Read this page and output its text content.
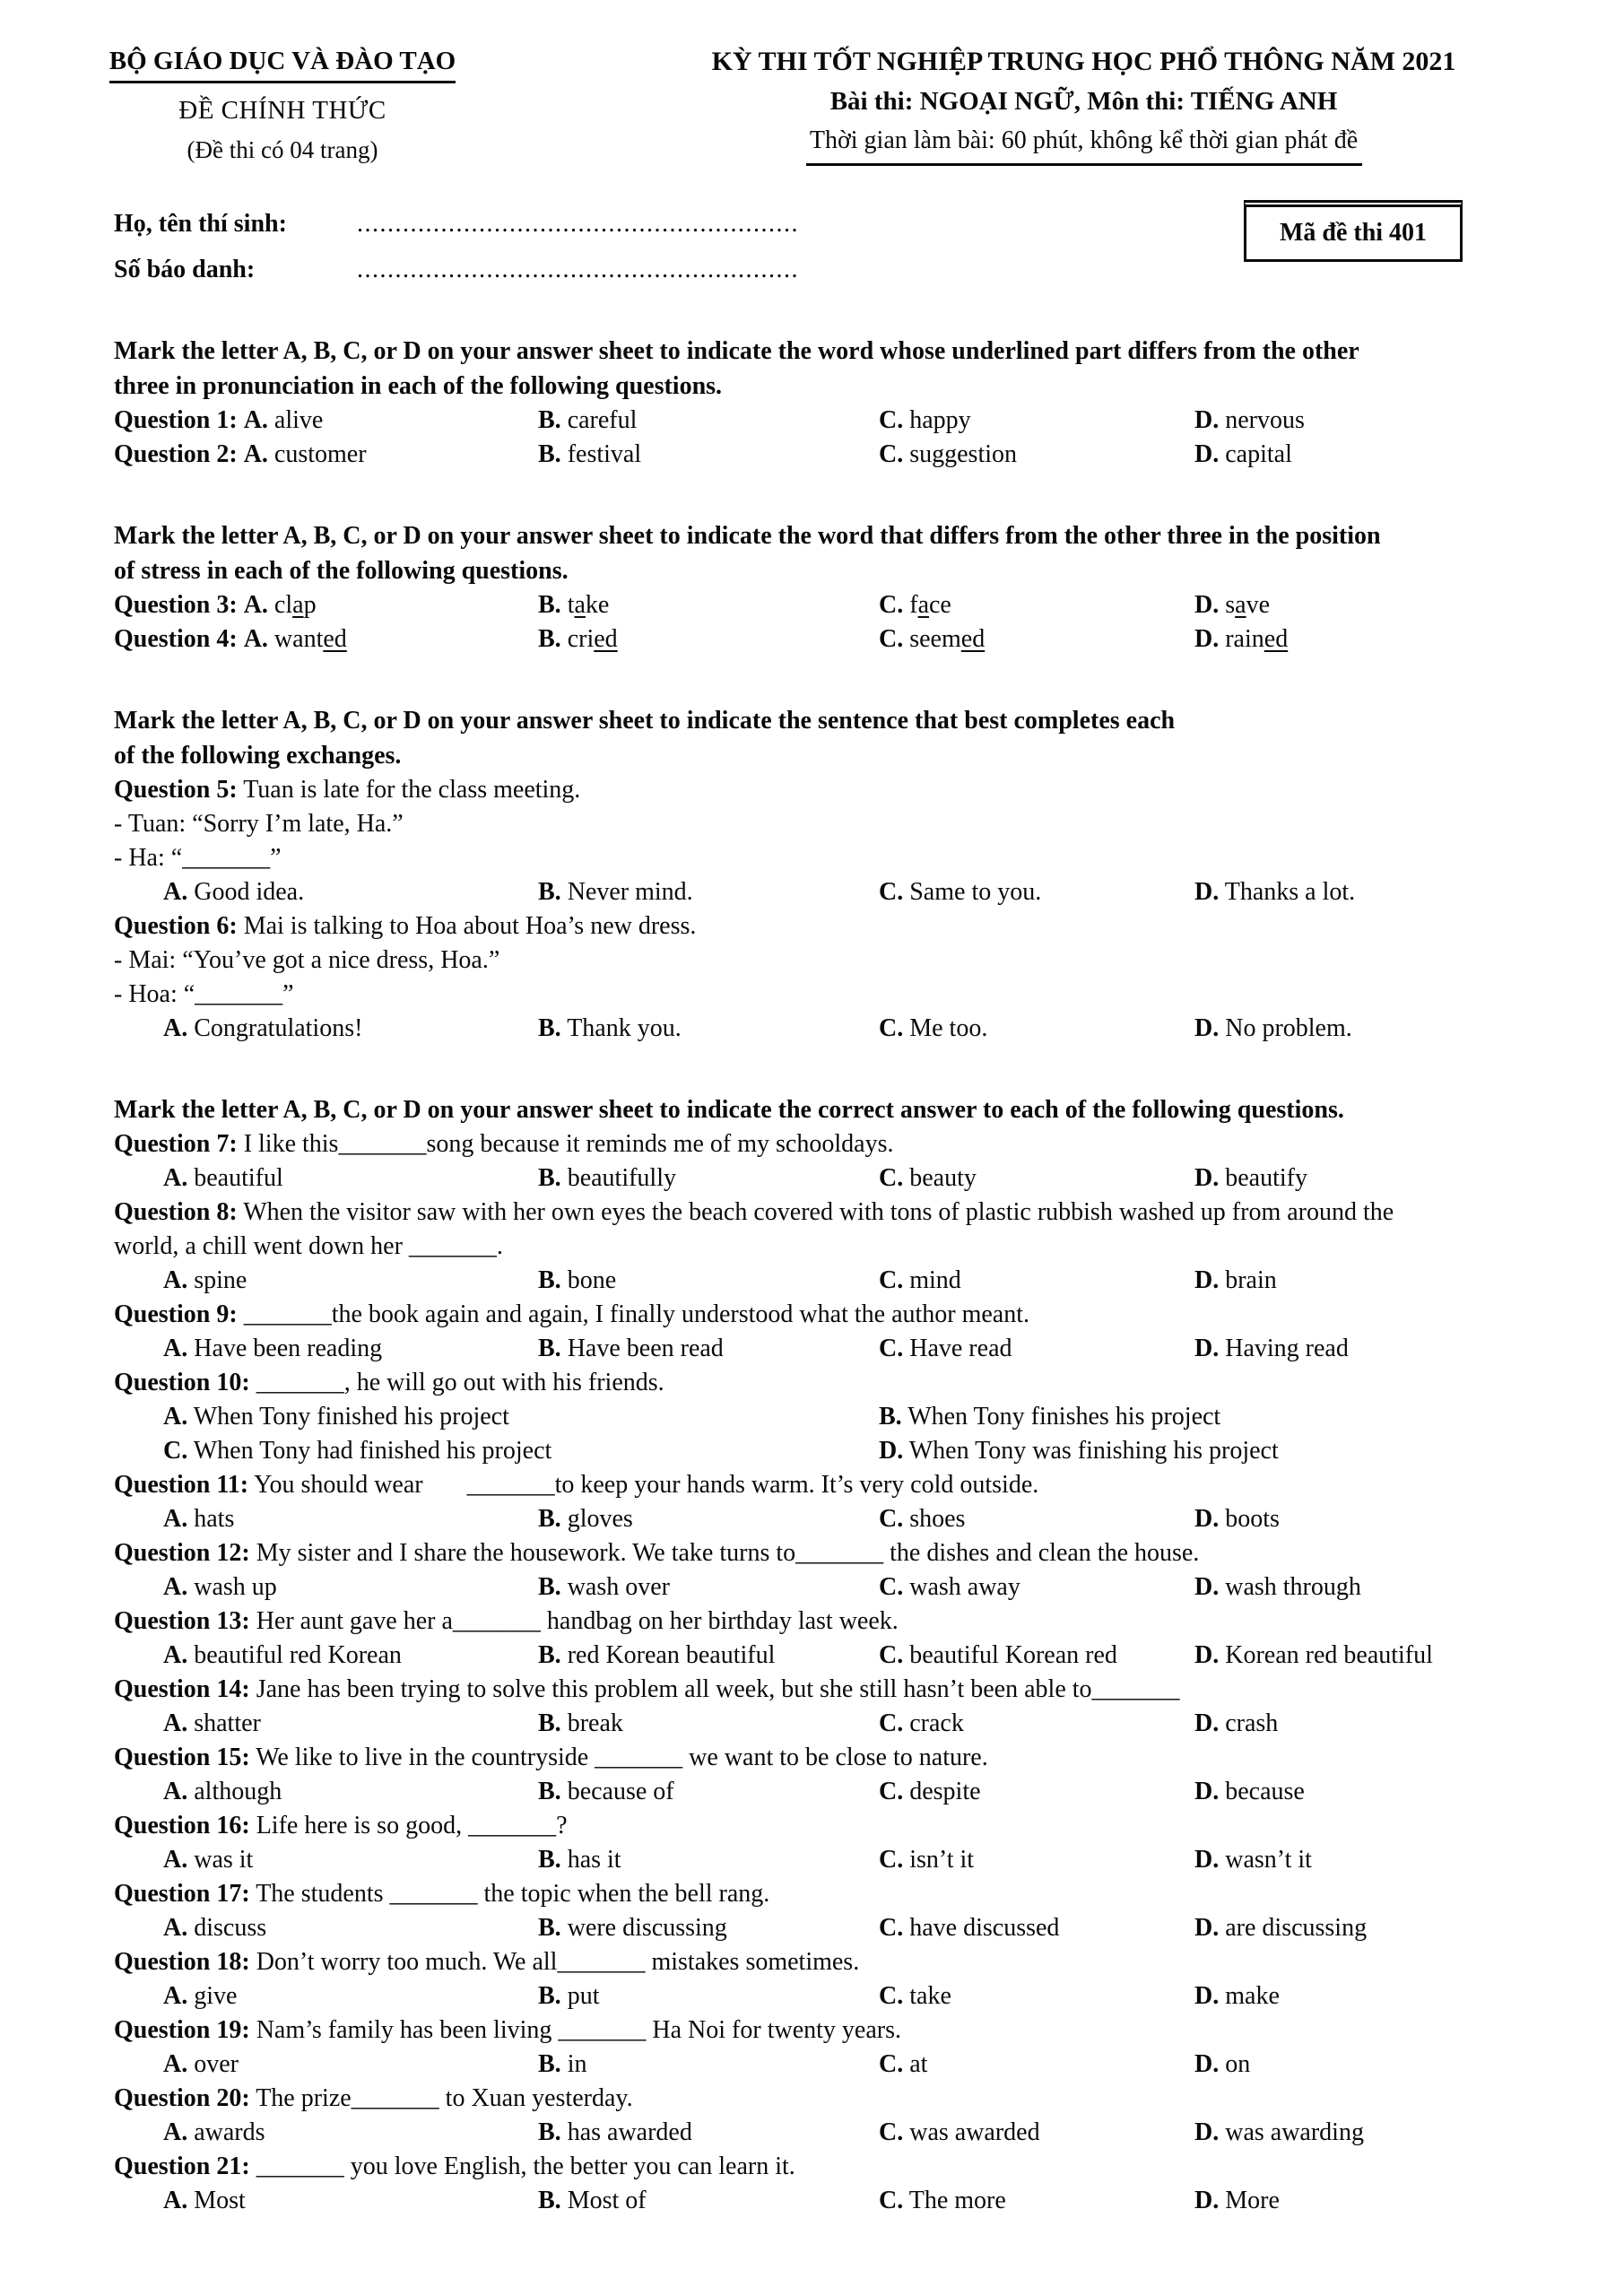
BỘ GIÁO DỤC VÀ ĐÀO TẠO
ĐỀ CHÍNH THỨC
(Đề thi có 04 trang)
KỲ THI TỐT NGHIỆP TRUNG HỌC PHỔ THÔNG NĂM 2021
Bài thi: NGOẠI NGỮ, Môn thi: TIẾNG ANH
Thời gian làm bài: 60 phút, không kể thời gian phát đề
Họ, tên thí sinh:	..........................................................
Số báo danh:	..........................................................
Mã đề thi 401
Mark the letter A, B, C, or D on your answer sheet to indicate the word whose underlined part differs from the other
three in pronunciation in each of the following questions.
Question 1: A. alive	B. careful	C. happy	D. nervous
Question 2: A. customer	B. festival	C. suggestion	D. capital
Mark the letter A, B, C, or D on your answer sheet to indicate the word that differs from the other three in the position
of stress in each of the following questions.
Question 3: A. clap	B. take	C. face	D. save
Question 4: A. wanted	B. cried	C. seemed	D. rained
Mark the letter A, B, C, or D on your answer sheet to indicate the sentence that best completes each
of the following exchanges.
Question 5: Tuan is late for the class meeting.
- Tuan: “Sorry I’m late, Ha.”
- Ha: “_______”
A. Good idea.	B. Never mind.	C. Same to you.	D. Thanks a lot.
Question 6: Mai is talking to Hoa about Hoa’s new dress.
- Mai: “You’ve got a nice dress, Hoa.”
- Hoa: “_______”
A. Congratulations!	B. Thank you.	C. Me too.	D. No problem.
Mark the letter A, B, C, or D on your answer sheet to indicate the correct answer to each of the following questions.
Question 7: I like this_______song because it reminds me of my schooldays.
A. beautiful	B. beautifully	C. beauty	D. beautify
Question 8: When the visitor saw with her own eyes the beach covered with tons of plastic rubbish washed up from around the
world, a chill went down her _______.
A. spine	B. bone	C. mind	D. brain
Question 9: _______the book again and again, I finally understood what the author meant.
A. Have been reading	B. Have been read	C. Have read	D. Having read
Question 10: _______, he will go out with his friends.
A. When Tony finished his project	B. When Tony finishes his project
C. When Tony had finished his project	D. When Tony was finishing his project
Question 11: You should wear       _______to keep your hands warm. It’s very cold outside.
A. hats	B. gloves	C. shoes	D. boots
Question 12: My sister and I share the housework. We take turns to_______ the dishes and clean the house.
A. wash up	B. wash over	C. wash away	D. wash through
Question 13: Her aunt gave her a_______ handbag on her birthday last week.
A. beautiful red Korean	B. red Korean beautiful	C. beautiful Korean red	D. Korean red beautiful
Question 14: Jane has been trying to solve this problem all week, but she still hasn’t been able to_______
A. shatter	B. break	C. crack	D. crash
Question 15: We like to live in the countryside _______ we want to be close to nature.
A. although	B. because of	C. despite	D. because
Question 16: Life here is so good, _______?
A. was it	B. has it	C. isn’t it	D. wasn’t it
Question 17: The students _______ the topic when the bell rang.
A. discuss	B. were discussing	C. have discussed	D. are discussing
Question 18: Don’t worry too much. We all_______ mistakes sometimes.
A. give	B. put	C. take	D. make
Question 19: Nam’s family has been living _______ Ha Noi for twenty years.
A. over	B. in	C. at	D. on
Question 20: The prize_______ to Xuan yesterday.
A. awards	B. has awarded	C. was awarded	D. was awarding
Question 21: _______ you love English, the better you can learn it.
A. Most	B. Most of	C. The more	D. More
